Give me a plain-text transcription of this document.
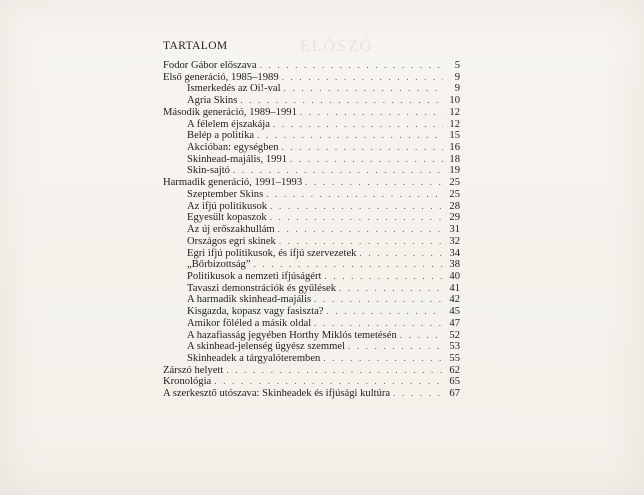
ELŐSZÓ
TARTALOM
Fodor Gábor előszava . . .	5
Első generáció, 1985–1989 . . .	9
Ismerkedés az Oi!-val . . .	9
Agria Skins . . .	10
Második generáció, 1989–1991 . . .	12
A félelem éjszakája . . .	12
Belép a politika . . .	15
Akcióban: egységben . . .	16
Skinhead-majális, 1991 . . .	18
Skin-sajtó . . .	19
Harmadik generáció, 1991–1993 . . .	25
Szeptember Skins . . .	25
Az ifjú politikusok . . .	28
Egyesült kopaszok . . .	29
Az új erőszakhullám . . .	31
Országos egri skinek . . .	32
Egri ifjú politikusok, és ifjú szervezetek . . .	34
„Bőrbizottság” . . .	38
Politikusok a nemzeti ifjúságért . . .	40
Tavaszi demonstrációk és gyűlések . . .	41
A harmadik skinhead-majális . . .	42
Kisgazda, kopasz vagy fasiszta? . . .	45
Amikor föléled a másik oldal . . .	47
A hazafiasság jegyében Horthy Miklós temetésén . . .	52
A skinhead-jelenség ügyész szemmel . . .	53
Skinheadek a tárgyalóteremben . . .	55
Zárszó helyett . . .	62
Kronológia . . .	65
A szerkesztő utószava: Skinheadek és ifjúsági kultúra . . .	67
